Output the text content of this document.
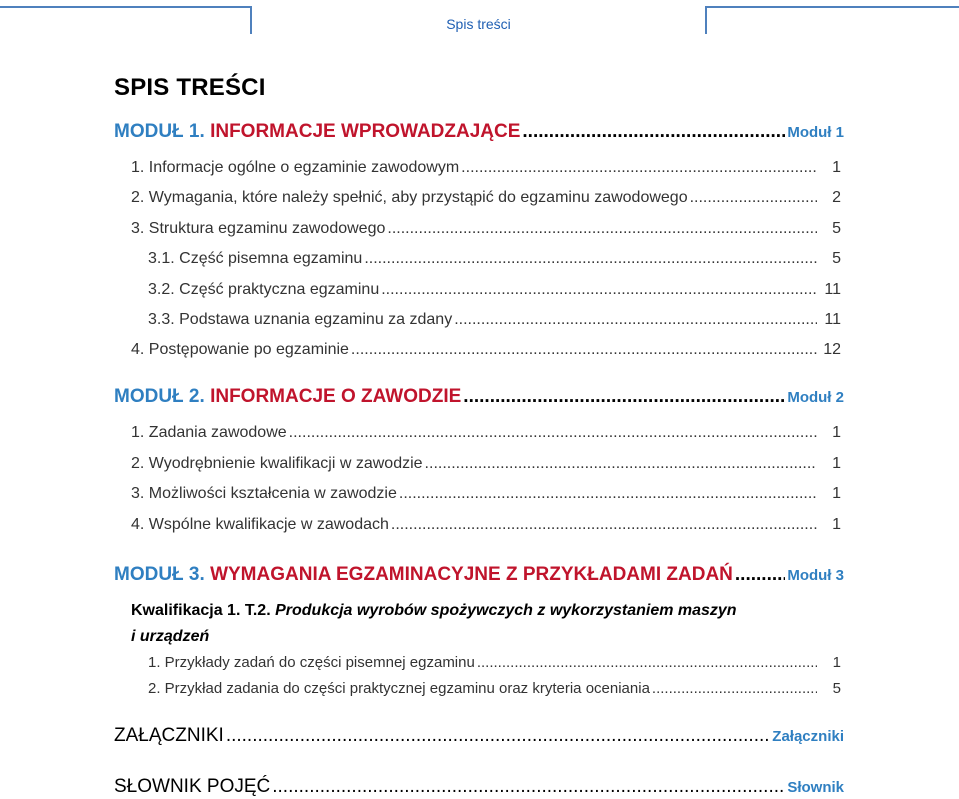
Spis treści
SPIS TREŚCI
MODUŁ 1. INFORMACJE WPROWADZAJĄCE .....	Moduł 1
1. Informacje ogólne o egzaminie zawodowym .....	1
2. Wymagania, które należy spełnić, aby przystąpić do egzaminu zawodowego .....	2
3. Struktura egzaminu zawodowego .....	5
3.1. Część pisemna egzaminu .....	5
3.2. Część praktyczna egzaminu .....	11
3.3. Podstawa uznania egzaminu za zdany .....	11
4. Postępowanie po egzaminie .....	12
MODUŁ 2. INFORMACJE O ZAWODZIE .....	Moduł 2
1. Zadania zawodowe .....	1
2. Wyodrębnienie kwalifikacji w zawodzie .....	1
3. Możliwości kształcenia w zawodzie .....	1
4. Wspólne kwalifikacje w zawodach .....	1
MODUŁ 3. WYMAGANIA EGZAMINACYJNE Z PRZYKŁADAMI ZADAŃ .....	Moduł 3
Kwalifikacja 1. T.2. Produkcja wyrobów spożywczych z wykorzystaniem maszyn
i urządzeń
1. Przykłady zadań do części pisemnej egzaminu .....	1
2. Przykład zadania do części praktycznej egzaminu oraz kryteria oceniania .....	5
ZAŁĄCZNIKI .....	Załączniki
SŁOWNIK POJĘĆ .....	Słownik
